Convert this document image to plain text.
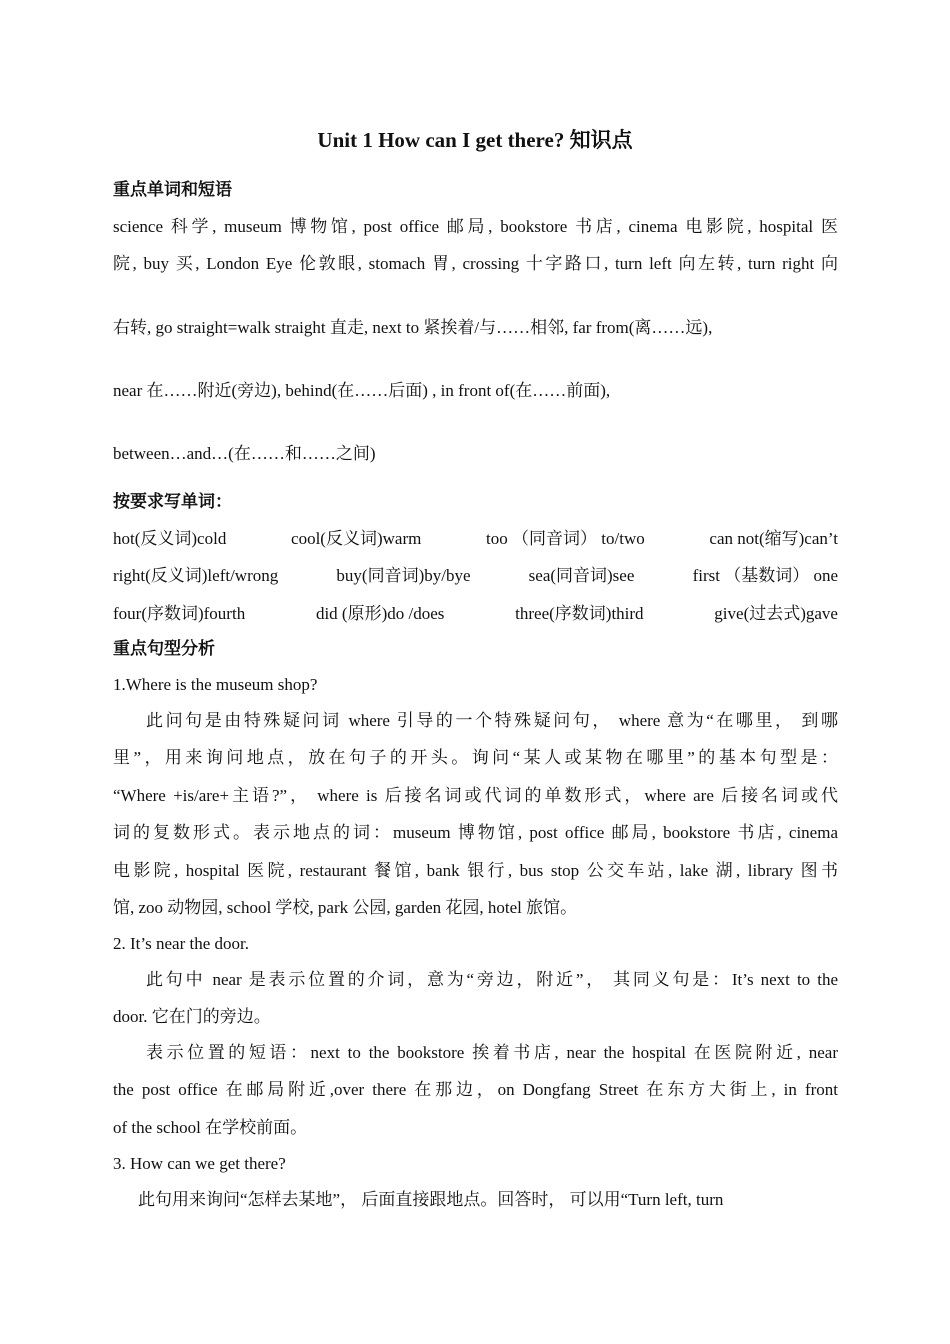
Unit 1 How can I get there? 知识点
重点单词和短语
science 科学, museum 博物馆, post office 邮局, bookstore 书店, cinema 电影院, hospital 医
院, buy 买, London Eye 伦敦眼, stomach 胃, crossing 十字路口, turn left 向左转, turn right 向
右转, go straight=walk straight 直走, next to 紧挨着/与……相邻, far from(离……远),
near 在……附近(旁边), behind(在……后面) , in front of(在……前面),
between…and…(在……和……之间)
按要求写单词：
hot(反义词)cold	cool(反义词)warm	too （同音词） to/two	can not(缩写)can’t
right(反义词)left/wrong	buy(同音词)by/bye	sea(同音词)see	first （基数词） one
four(序数词)fourth	did (原形)do /does	three(序数词)third	give(过去式)gave
重点句型分析
1.Where is the museum shop?
此问句是由特殊疑问词 where 引导的一个特殊疑问句， where 意为“在哪里， 到哪
里”，用来询问地点，放在句子的开头。询问“某人或某物在哪里”的基本句型是：
“Where +is/are+主语?”， where is 后接名词或代词的单数形式，where are 后接名词或代
词的复数形式。表示地点的词：museum 博物馆, post office 邮局, bookstore 书店, cinema
电影院, hospital 医院, restaurant 餐馆, bank 银行, bus stop 公交车站, lake 湖, library 图书
馆, zoo 动物园, school 学校, park 公园, garden 花园, hotel 旅馆。
2. It’s near the door.
此句中 near 是表示位置的介词，意为“旁边，附近”， 其同义句是：It’s next to the
door. 它在门的旁边。
表示位置的短语：next to the bookstore 挨着书店, near the hospital 在医院附近, near
the post office 在邮局附近,over there 在那边，on Dongfang Street 在东方大街上, in front
of the school 在学校前面。
3. How can we get there?
此句用来询问“怎样去某地”， 后面直接跟地点。回答时， 可以用“Turn left, turn
